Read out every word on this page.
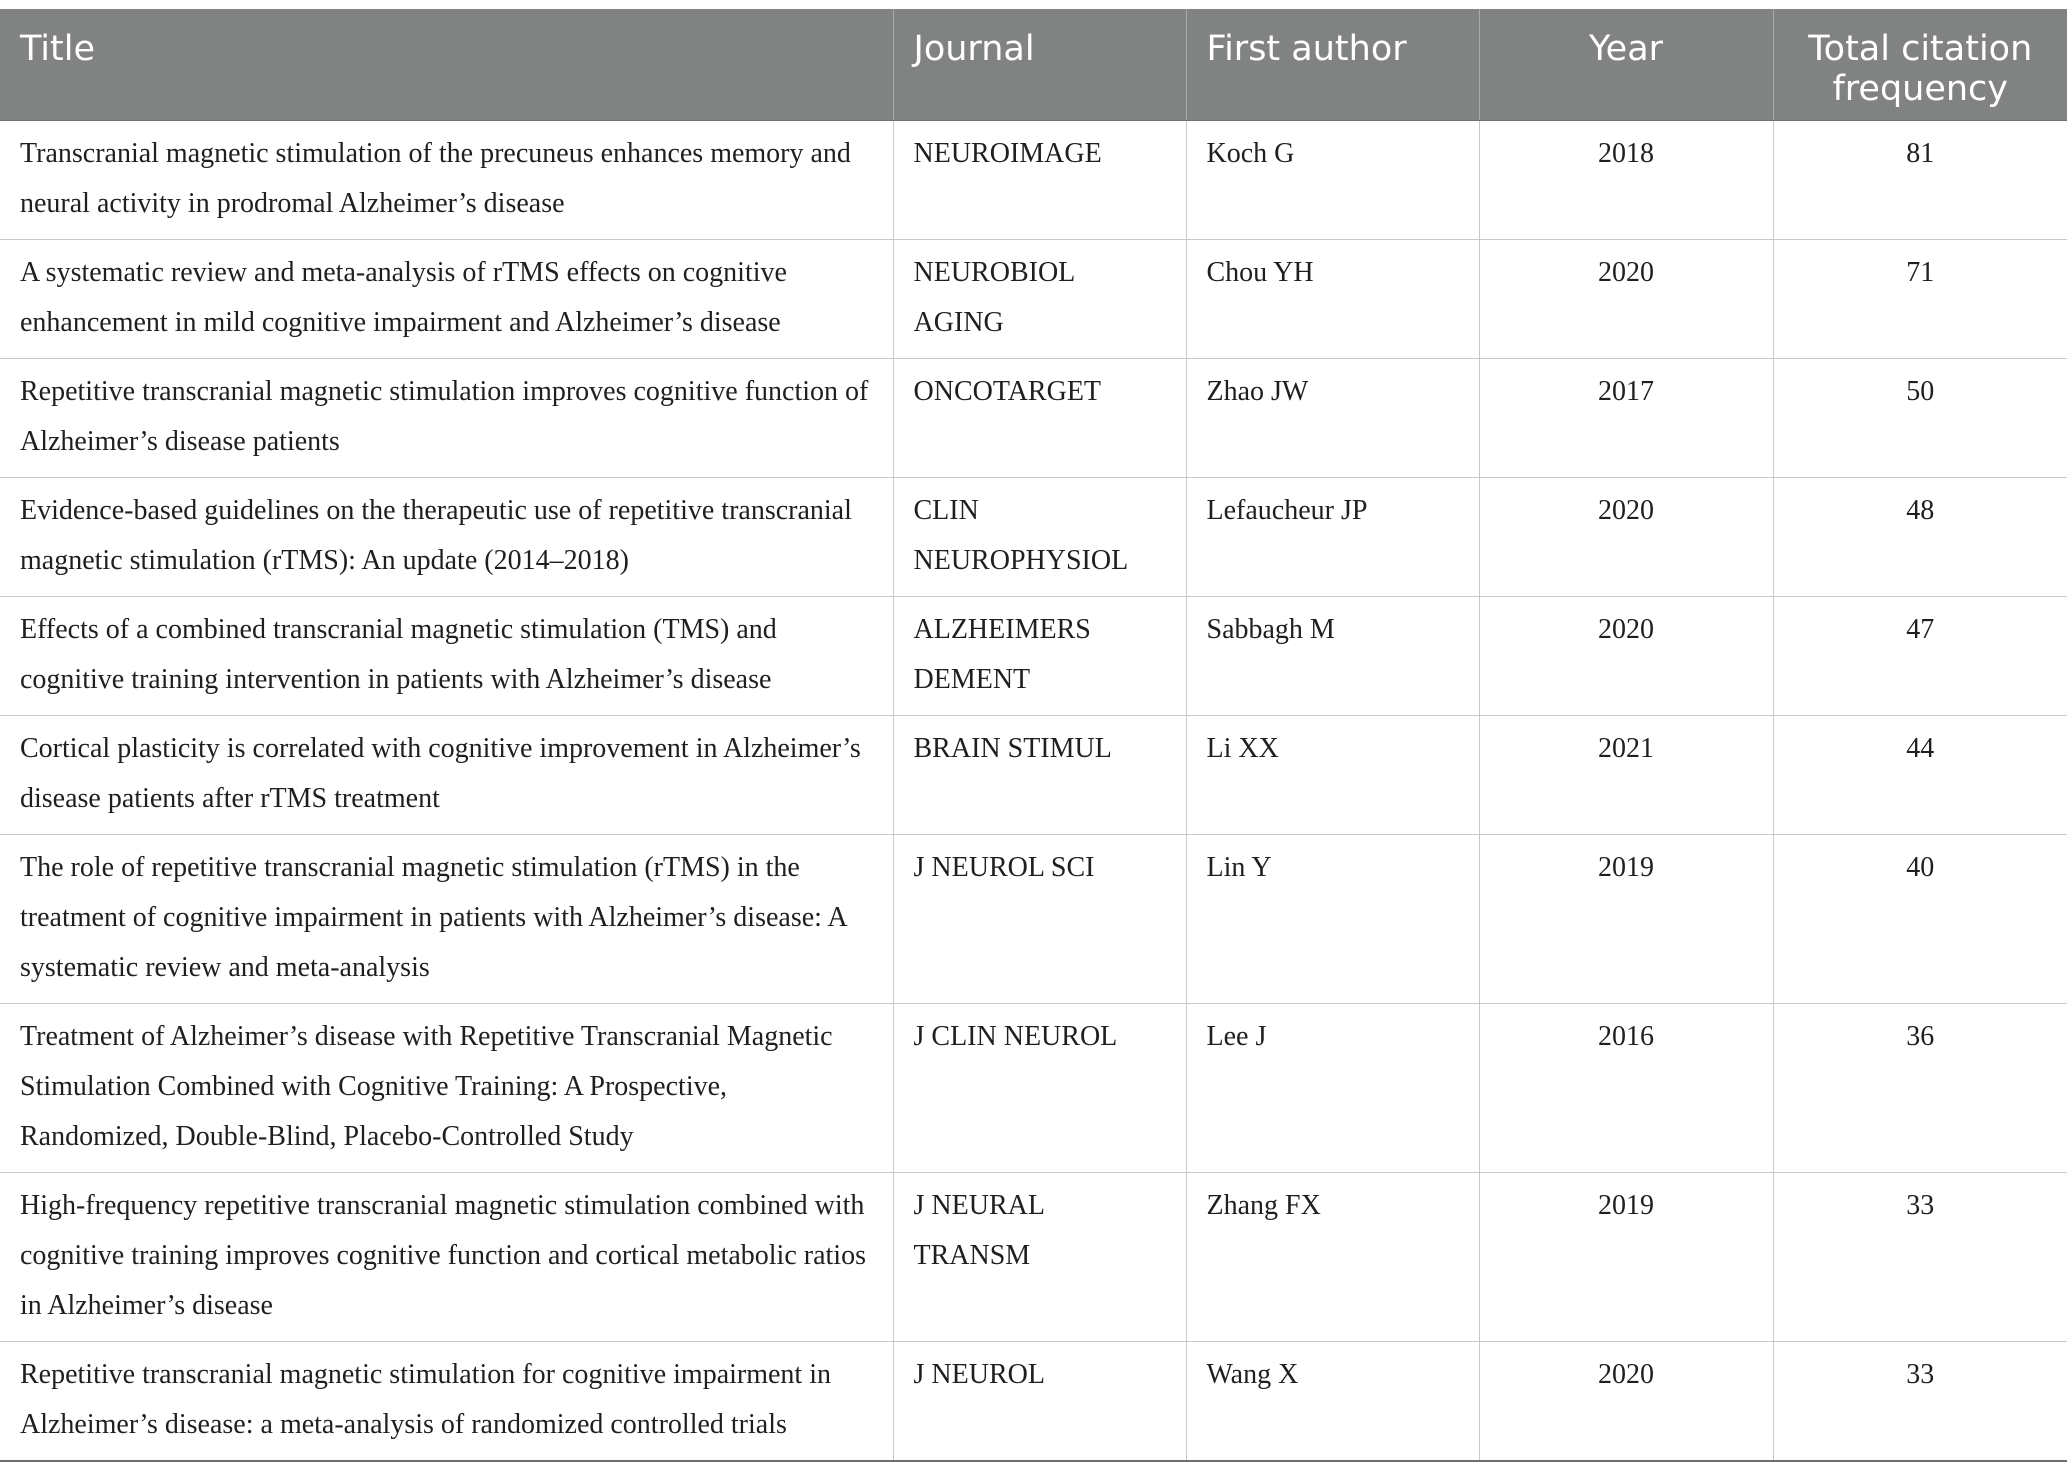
Title	Journal	First author	Year	Total citation frequency
Transcranial magnetic stimulation of the precuneus enhances memory and neural activity in prodromal Alzheimer’s disease	NEUROIMAGE	Koch G	2018	81
A systematic review and meta-analysis of rTMS effects on cognitive enhancement in mild cognitive impairment and Alzheimer’s disease	NEUROBIOL AGING	Chou YH	2020	71
Repetitive transcranial magnetic stimulation improves cognitive function of Alzheimer’s disease patients	ONCOTARGET	Zhao JW	2017	50
Evidence-based guidelines on the therapeutic use of repetitive transcranial magnetic stimulation (rTMS): An update (2014–2018)	CLIN NEUROPHYSIOL	Lefaucheur JP	2020	48
Effects of a combined transcranial magnetic stimulation (TMS) and cognitive training intervention in patients with Alzheimer’s disease	ALZHEIMERS DEMENT	Sabbagh M	2020	47
Cortical plasticity is correlated with cognitive improvement in Alzheimer’s disease patients after rTMS treatment	BRAIN STIMUL	Li XX	2021	44
The role of repetitive transcranial magnetic stimulation (rTMS) in the treatment of cognitive impairment in patients with Alzheimer’s disease: A systematic review and meta-analysis	J NEUROL SCI	Lin Y	2019	40
Treatment of Alzheimer’s disease with Repetitive Transcranial Magnetic Stimulation Combined with Cognitive Training: A Prospective, Randomized, Double-Blind, Placebo-Controlled Study	J CLIN NEUROL	Lee J	2016	36
High-frequency repetitive transcranial magnetic stimulation combined with cognitive training improves cognitive function and cortical metabolic ratios in Alzheimer’s disease	J NEURAL TRANSM	Zhang FX	2019	33
Repetitive transcranial magnetic stimulation for cognitive impairment in Alzheimer’s disease: a meta-analysis of randomized controlled trials	J NEUROL	Wang X	2020	33
